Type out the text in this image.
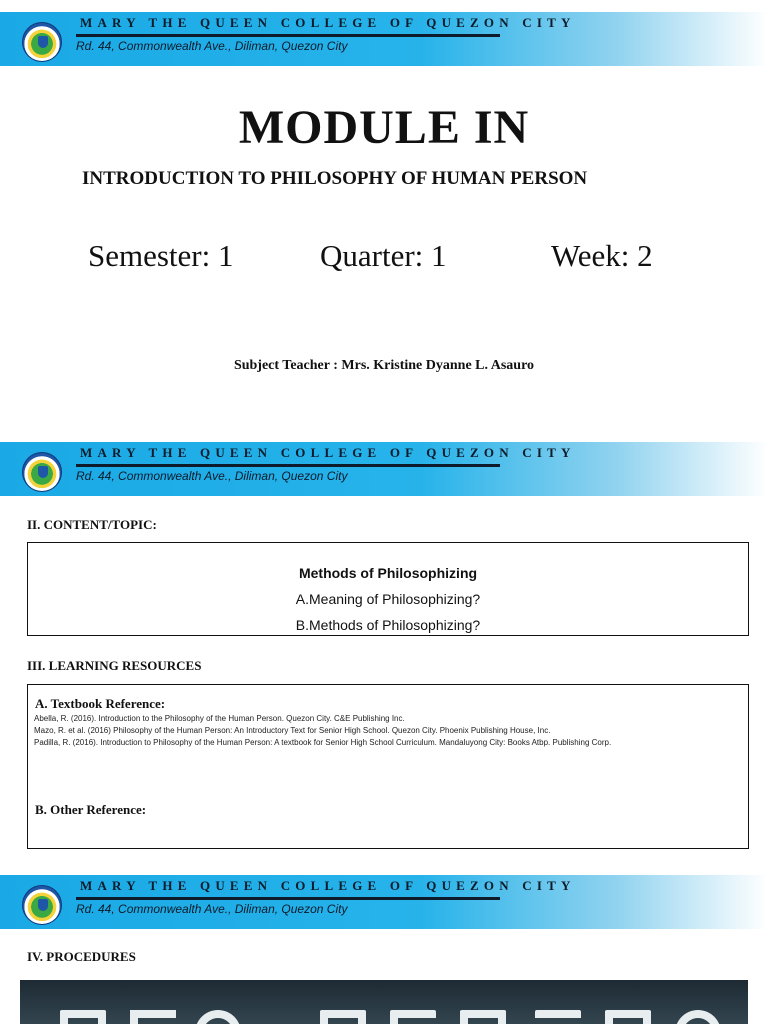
MARY THE QUEEN COLLEGE OF QUEZON CITY
Rd. 44, Commonwealth Ave., Diliman, Quezon City
MODULE IN
INTRODUCTION TO PHILOSOPHY OF HUMAN PERSON
Semester: 1	Quarter: 1	Week: 2
Subject Teacher : Mrs. Kristine Dyanne L. Asauro
MARY THE QUEEN COLLEGE OF QUEZON CITY
Rd. 44, Commonwealth Ave., Diliman, Quezon City
II. CONTENT/TOPIC:
Methods of Philosophizing
A.Meaning of Philosophizing?
B.Methods of Philosophizing?
III. LEARNING RESOURCES
A. Textbook Reference:
Abella, R. (2016). Introduction to the Philosophy of the Human Person. Quezon City. C&E Publishing Inc.
Mazo, R. et al. (2016) Philosophy of the Human Person: An Introductory Text for Senior High School. Quezon City. Phoenix Publishing House, Inc.
Padilla, R. (2016). Introduction to Philosophy of the Human Person: A textbook for Senior High School Curriculum. Mandaluyong City: Books Atbp. Publishing Corp.
B. Other Reference:
MARY THE QUEEN COLLEGE OF QUEZON CITY
Rd. 44, Commonwealth Ave., Diliman, Quezon City
IV. PROCEDURES
